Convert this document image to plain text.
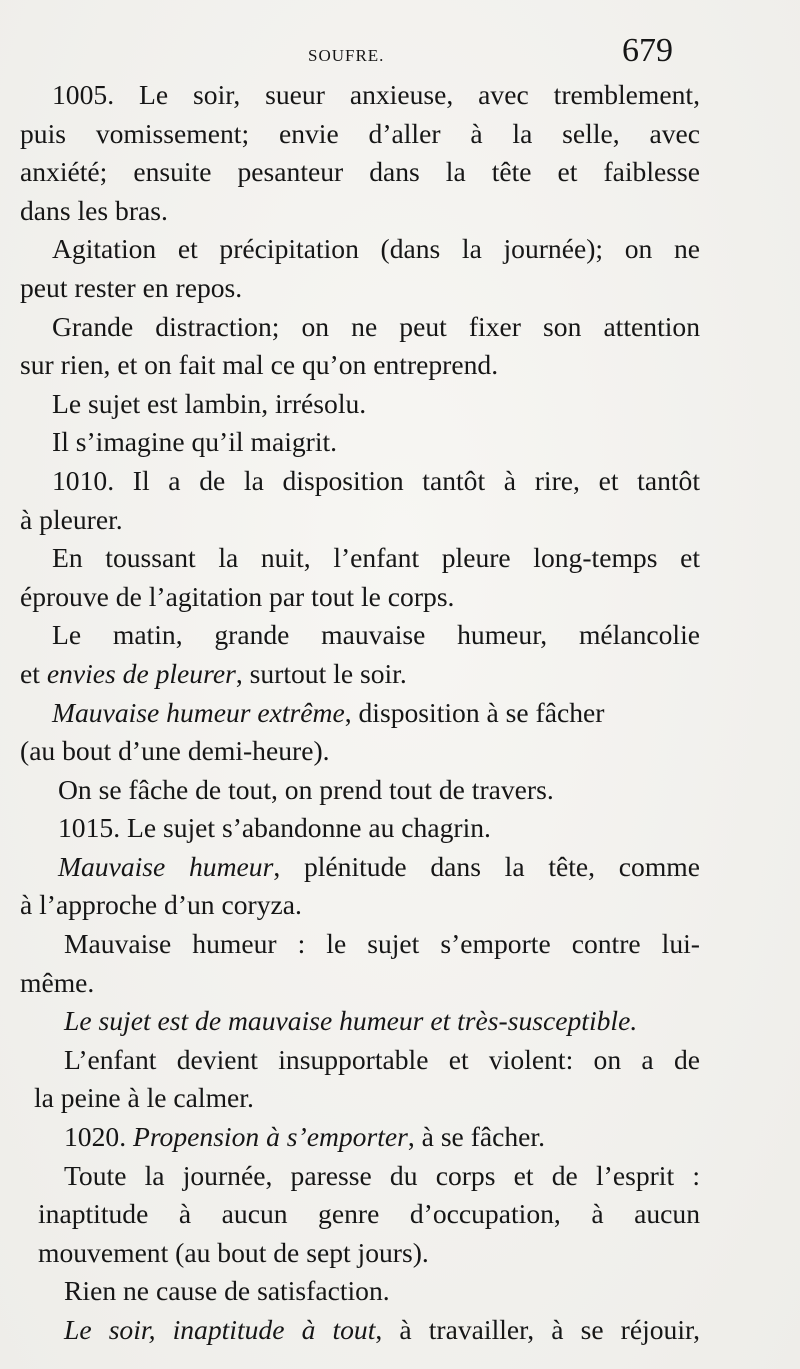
SOUFRE.	679
1005. Le soir, sueur anxieuse, avec tremblement,
puis vomissement; envie d’aller à la selle, avec
anxiété; ensuite pesanteur dans la tête et faiblesse
dans les bras.
Agitation et précipitation (dans la journée); on ne
peut rester en repos.
Grande distraction; on ne peut fixer son attention
sur rien, et on fait mal ce qu’on entreprend.
Le sujet est lambin, irrésolu.
Il s’imagine qu’il maigrit.
1010. Il a de la disposition tantôt à rire, et tantôt
à pleurer.
En toussant la nuit, l’enfant pleure long-temps et
éprouve de l’agitation par tout le corps.
Le matin, grande mauvaise humeur, mélancolie
et envies de pleurer, surtout le soir.
Mauvaise humeur extrême, disposition à se fâcher
(au bout d’une demi-heure).
On se fâche de tout, on prend tout de travers.
1015. Le sujet s’abandonne au chagrin.
Mauvaise humeur, plénitude dans la tête, comme
à l’approche d’un coryza.
Mauvaise humeur : le sujet s’emporte contre lui-
même.
Le sujet est de mauvaise humeur et très-susceptible.
L’enfant devient insupportable et violent: on a de
la peine à le calmer.
1020. Propension à s’emporter, à se fâcher.
Toute la journée, paresse du corps et de l’esprit :
inaptitude à aucun genre d’occupation, à aucun
mouvement (au bout de sept jours).
Rien ne cause de satisfaction.
Le soir, inaptitude à tout, à travailler, à se réjouir,
